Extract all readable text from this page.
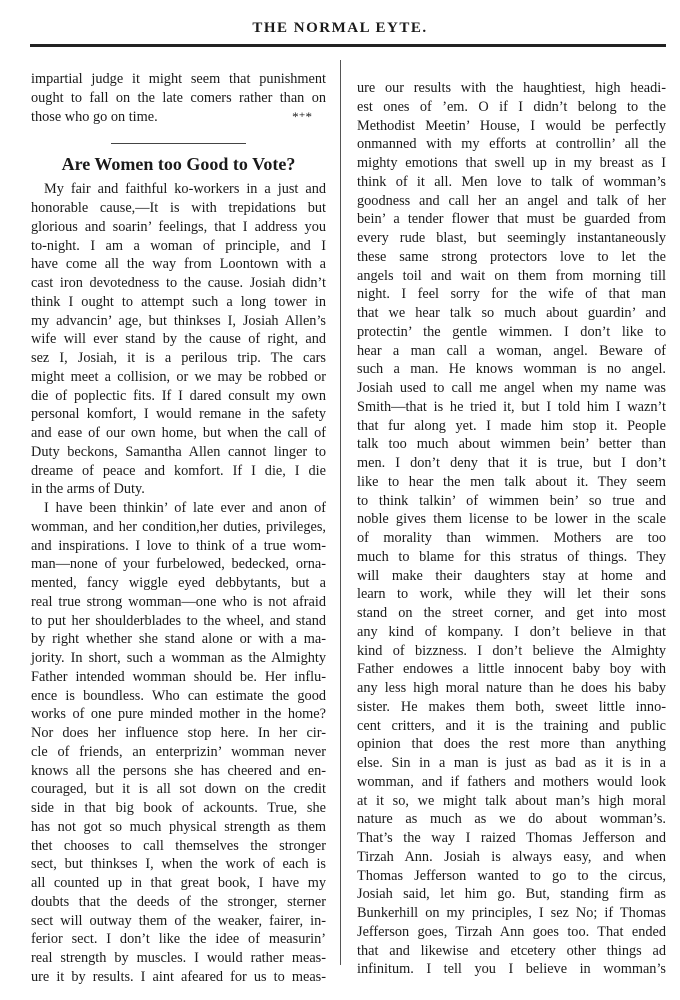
THE NORMAL EYTE.
impartial judge it might seem that punishment
ought to fall on the late comers rather than on
those who go on time.	*⁺*
Are Women too Good to Vote?
My fair and faithful ko-workers in a just and
honorable cause,—It is with trepidations but
glorious and soarin’ feelings, that I address you
to-night. I am a woman of principle, and I
have come all the way from Loontown with a
cast iron devotedness to the cause. Josiah didn’t
think I ought to attempt such a long tower in
my advancin’ age, but thinkses I, Josiah Allen’s
wife will ever stand by the cause of right, and
sez I, Josiah, it is a perilous trip. The cars
might meet a collision, or we may be robbed or
die of poplectic fits. If I dared consult my own
personal komfort, I would remane in the safety
and ease of our own home, but when the call of
Duty beckons, Samantha Allen cannot linger to
dreame of peace and komfort. If I die, I die
in the arms of Duty.
I have been thinkin’ of late ever and anon of
womman, and her condition,her duties, privileges,
and inspirations. I love to think of a true wom-
man—none of your furbelowed, bedecked, orna-
mented, fancy wiggle eyed debbytants, but a
real true strong womman—one who is not afraid
to put her shoulderblades to the wheel, and stand
by right whether she stand alone or with a ma-
jority. In short, such a womman as the Almighty
Father intended womman should be. Her influ-
ence is boundless. Who can estimate the good
works of one pure minded mother in the home?
Nor does her influence stop here. In her cir-
cle of friends, an enterprizin’ womman never
knows all the persons she has cheered and en-
couraged, but it is all sot down on the credit
side in that big book of ackounts. True, she
has not got so much physical strength as them
thet chooses to call themselves the stronger
sect, but thinkses I, when the work of each is
all counted up in that great book, I have my
doubts that the deeds of the stronger, sterner
sect will outway them of the weaker, fairer, in-
ferior sect. I don’t like the idee of measurin’
real strength by muscles. I would rather meas-
ure it by results. I aint afeared for us to meas-
ure our results with the haughtiest, high headi-
est ones of ’em. O if I didn’t belong to the
Methodist Meetin’ House, I would be perfectly
onmanned with my efforts at controllin’ all the
mighty emotions that swell up in my breast as I
think of it all. Men love to talk of womman’s
goodness and call her an angel and talk of her
bein’ a tender flower that must be guarded from
every rude blast, but seemingly instantaneously
these same strong protectors love to let the
angels toil and wait on them from morning till
night. I feel sorry for the wife of that man
that we hear talk so much about guardin’ and
protectin’ the gentle wimmen. I don’t like to
hear a man call a woman, angel. Beware of
such a man. He knows womman is no angel.
Josiah used to call me angel when my name was
Smith—that is he tried it, but I told him I wazn’t
that fur along yet. I made him stop it. People
talk too much about wimmen bein’ better than
men. I don’t deny that it is true, but I don’t
like to hear the men talk about it. They seem
to think talkin’ of wimmen bein’ so true and
noble gives them license to be lower in the scale
of morality than wimmen. Mothers are too
much to blame for this stratus of things. They
will make their daughters stay at home and
learn to work, while they will let their sons
stand on the street corner, and get into most
any kind of kompany. I don’t believe in that
kind of bizzness. I don’t believe the Almighty
Father endowes a little innocent baby boy with
any less high moral nature than he does his baby
sister. He makes them both, sweet little inno-
cent critters, and it is the training and public
opinion that does the rest more than anything
else. Sin in a man is just as bad as it is in a
womman, and if fathers and mothers would look
at it so, we might talk about man’s high moral
nature as much as we do about womman’s.
That’s the way I raized Thomas Jefferson and
Tirzah Ann. Josiah is always easy, and when
Thomas Jefferson wanted to go to the circus,
Josiah said, let him go. But, standing firm as
Bunkerhill on my principles, I sez No; if Thomas
Jefferson goes, Tirzah Ann goes too. That ended
that and likewise and etcetery other things ad
infinitum. I tell you I believe in womman’s
